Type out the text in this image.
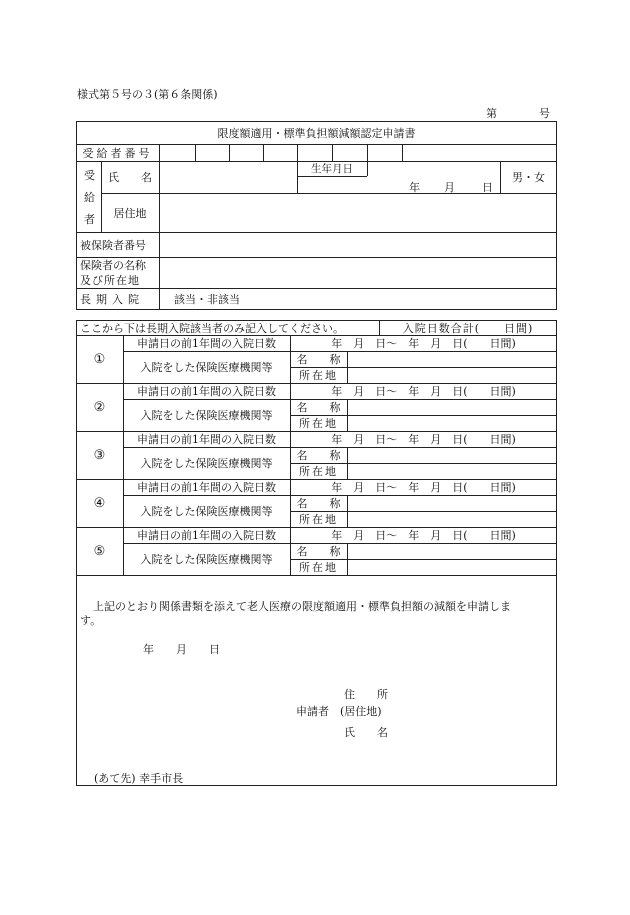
様式第５号の３(第６条関係)
第	号
限度額適用・標準負担額減額認定申請書
受給者番号
受
給
者
氏　　名
生年月日
年 月 日
男・女
居住地
被保険者番号
保険者の名称
及び所在地
長期入院	該当・非該当
ここから下は長期入院該当者のみ記入してください。	入院日数合計(　　日間)
①
申請日の前1年間の入院日数	年　月　日～　年　月　日(　　日間)
入院をした保険医療機関等
名　　称
所在地
②
申請日の前1年間の入院日数	年　月　日～　年　月　日(　　日間)
入院をした保険医療機関等
名　　称
所在地
③
申請日の前1年間の入院日数	年　月　日～　年　月　日(　　日間)
入院をした保険医療機関等
名　　称
所在地
④
申請日の前1年間の入院日数	年　月　日～　年　月　日(　　日間)
入院をした保険医療機関等
名　　称
所在地
⑤
申請日の前1年間の入院日数	年　月　日～　年　月　日(　　日間)
入院をした保険医療機関等
名　　称
所在地
上記のとおり関係書類を添えて老人医療の限度額適用・標準負担額の減額を申請しま
す。
年　　月　　日
住　　所
申請者　(居住地)
氏　　名
(あて先) 幸手市長
